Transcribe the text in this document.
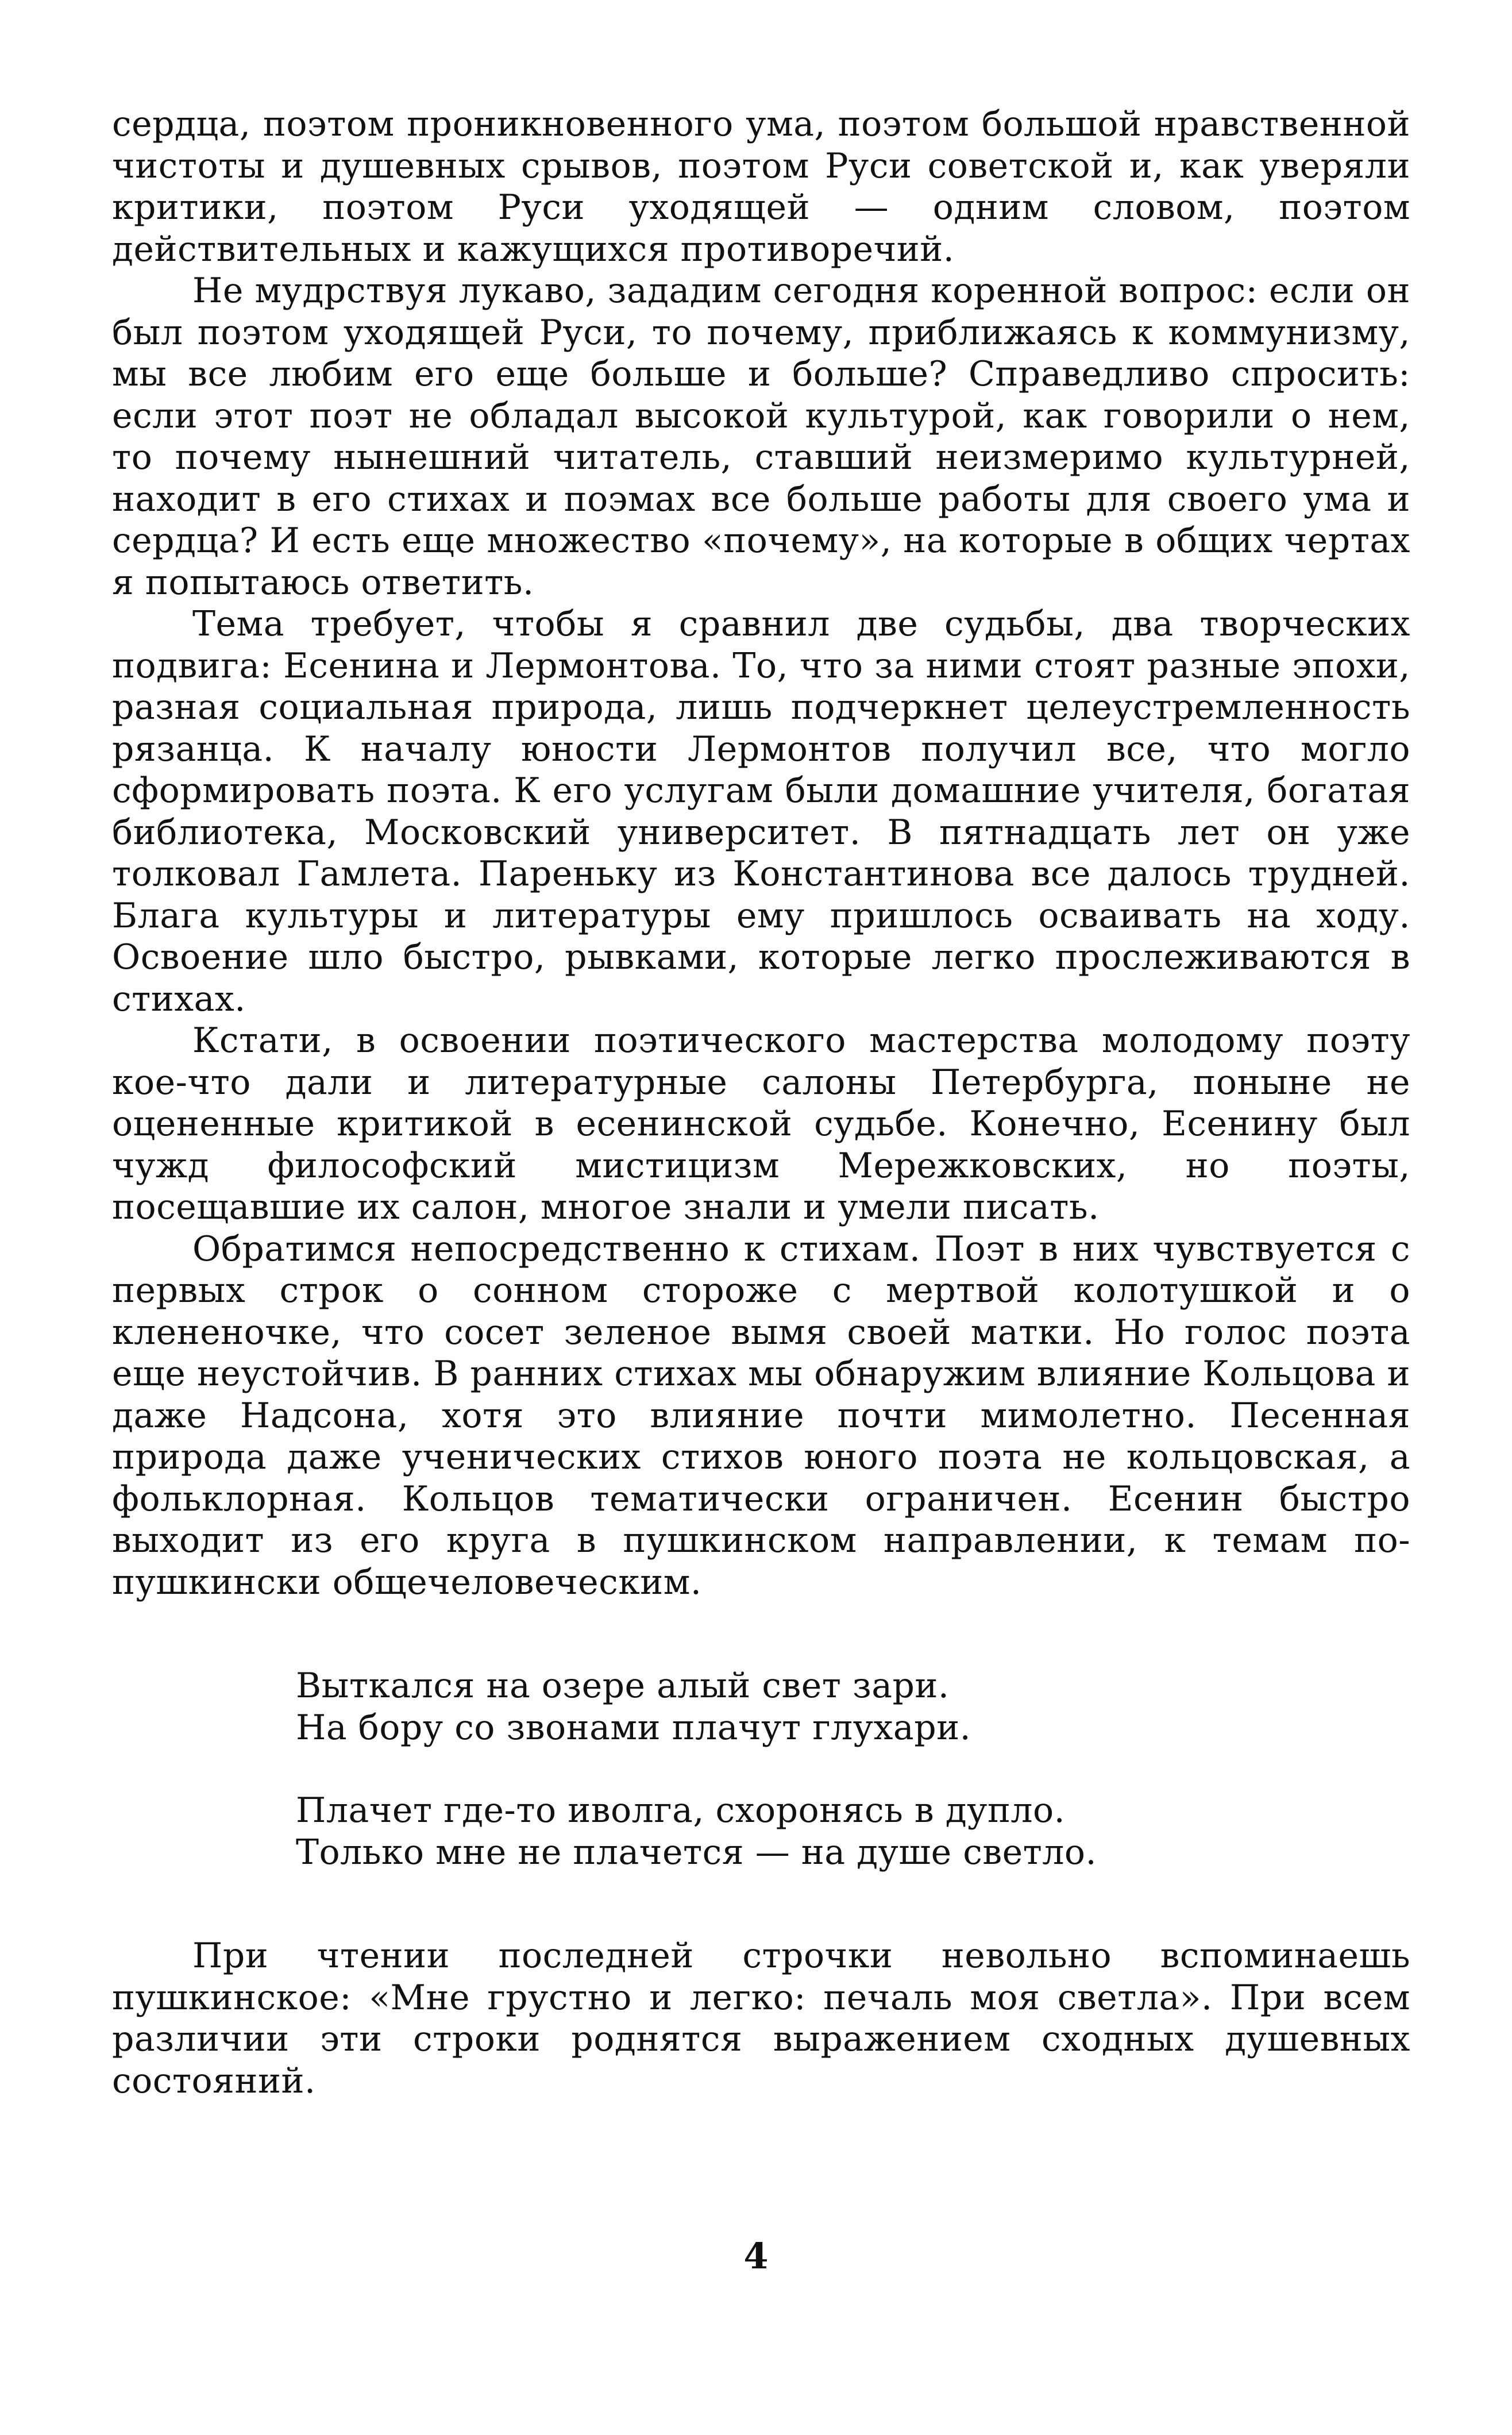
сердца, поэтом проникновенного ума, поэтом большой нравственной чистоты и душевных срывов, поэтом Руси советской и, как уверяли критики, поэтом Руси уходящей — одним словом, поэтом действительных и кажущихся противоречий.

Не мудрствуя лукаво, зададим сегодня коренной вопрос: если он был поэтом уходящей Руси, то почему, приближаясь к коммунизму, мы все любим его еще больше и больше? Справедливо спросить: если этот поэт не обладал высокой культурой, как говорили о нем, то почему нынешний читатель, ставший неизмеримо культурней, находит в его стихах и поэмах все больше работы для своего ума и сердца? И есть еще множество «почему», на которые в общих чертах я попытаюсь ответить.

Тема требует, чтобы я сравнил две судьбы, два творческих подвига: Есенина и Лермонтова. То, что за ними стоят разные эпохи, разная социальная природа, лишь подчеркнет целеустремленность рязанца. К началу юности Лермонтов получил все, что могло сформировать поэта. К его услугам были домашние учителя, богатая библиотека, Московский университет. В пятнадцать лет он уже толковал Гамлета. Пареньку из Константинова все далось трудней. Блага культуры и литературы ему пришлось осваивать на ходу. Освоение шло быстро, рывками, которые легко прослеживаются в стихах.

Кстати, в освоении поэтического мастерства молодому поэту кое-что дали и литературные салоны Петербурга, поныне не оцененные критикой в есенинской судьбе. Конечно, Есенину был чужд философский мистицизм Мережковских, но поэты, посещавшие их салон, многое знали и умели писать.

Обратимся непосредственно к стихам. Поэт в них чувствуется с первых строк о сонном стороже с мертвой колотушкой и о клененочке, что сосет зеленое вымя своей матки. Но голос поэта еще неустойчив. В ранних стихах мы обнаружим влияние Кольцова и даже Надсона, хотя это влияние почти мимолетно. Песенная природа даже ученических стихов юного поэта не кольцовская, а фольклорная. Кольцов тематически ограничен. Есенин быстро выходит из его круга в пушкинском направлении, к темам по-пушкински общечеловеческим.

Выткался на озере алый свет зари.
На бору со звонами плачут глухари.
Плачет где-то иволга, схоронясь в дупло.
Только мне не плачется — на душе светло.

При чтении последней строчки невольно вспоминаешь пушкинское: «Мне грустно и легко: печаль моя светла». При всем различии эти строки роднятся выражением сходных душевных состояний.

4
